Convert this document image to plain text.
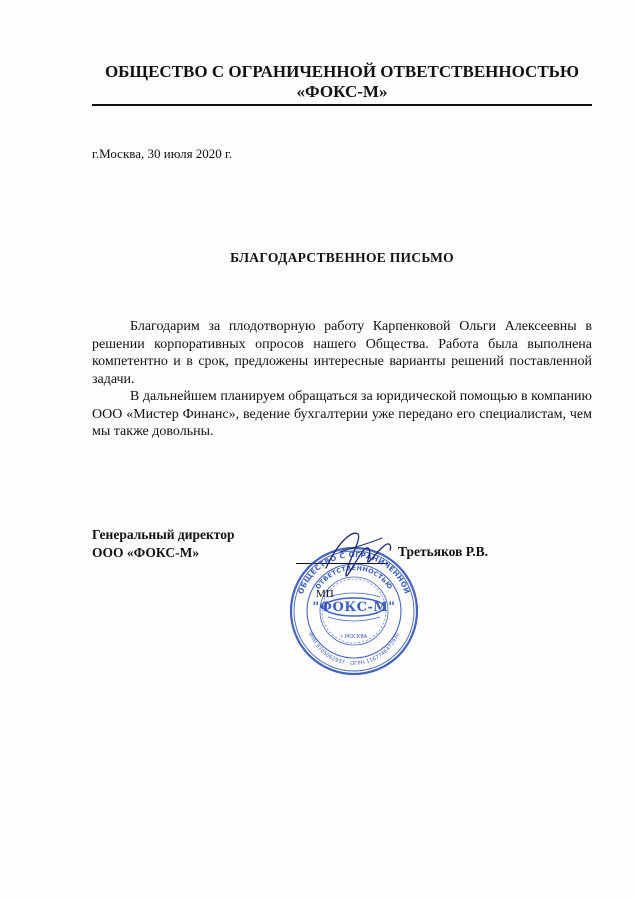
ОБЩЕСТВО С ОГРАНИЧЕННОЙ ОТВЕТСТВЕННОСТЬЮ
«ФОКС-М»
г.Москва, 30 июля 2020 г.
БЛАГОДАРСТВЕННОЕ ПИСЬМО

Благодарим за плодотворную работу Карпенковой Ольги Алексеевны в решении корпоративных опросов нашего Общества. Работа была выполнена компетентно и в срок, предложены интересные варианты решений поставленной задачи.

В дальнейшем планируем обращаться за юридической помощью в компанию ООО «Мистер Финанс», ведение бухгалтерии уже передано его специалистам, чем мы также довольны.

Генеральный директор
ООО «ФОКС-М»	Третьяков Р.В.
ОБЩЕСТВО С ОГРАНИЧЕННОЙ
ОТВЕТСТВЕННОСТЬЮ
"ФОКС-М"
г.МОСКВА
ИНН 9705062937 · ОГРН 1167746473930
МП
